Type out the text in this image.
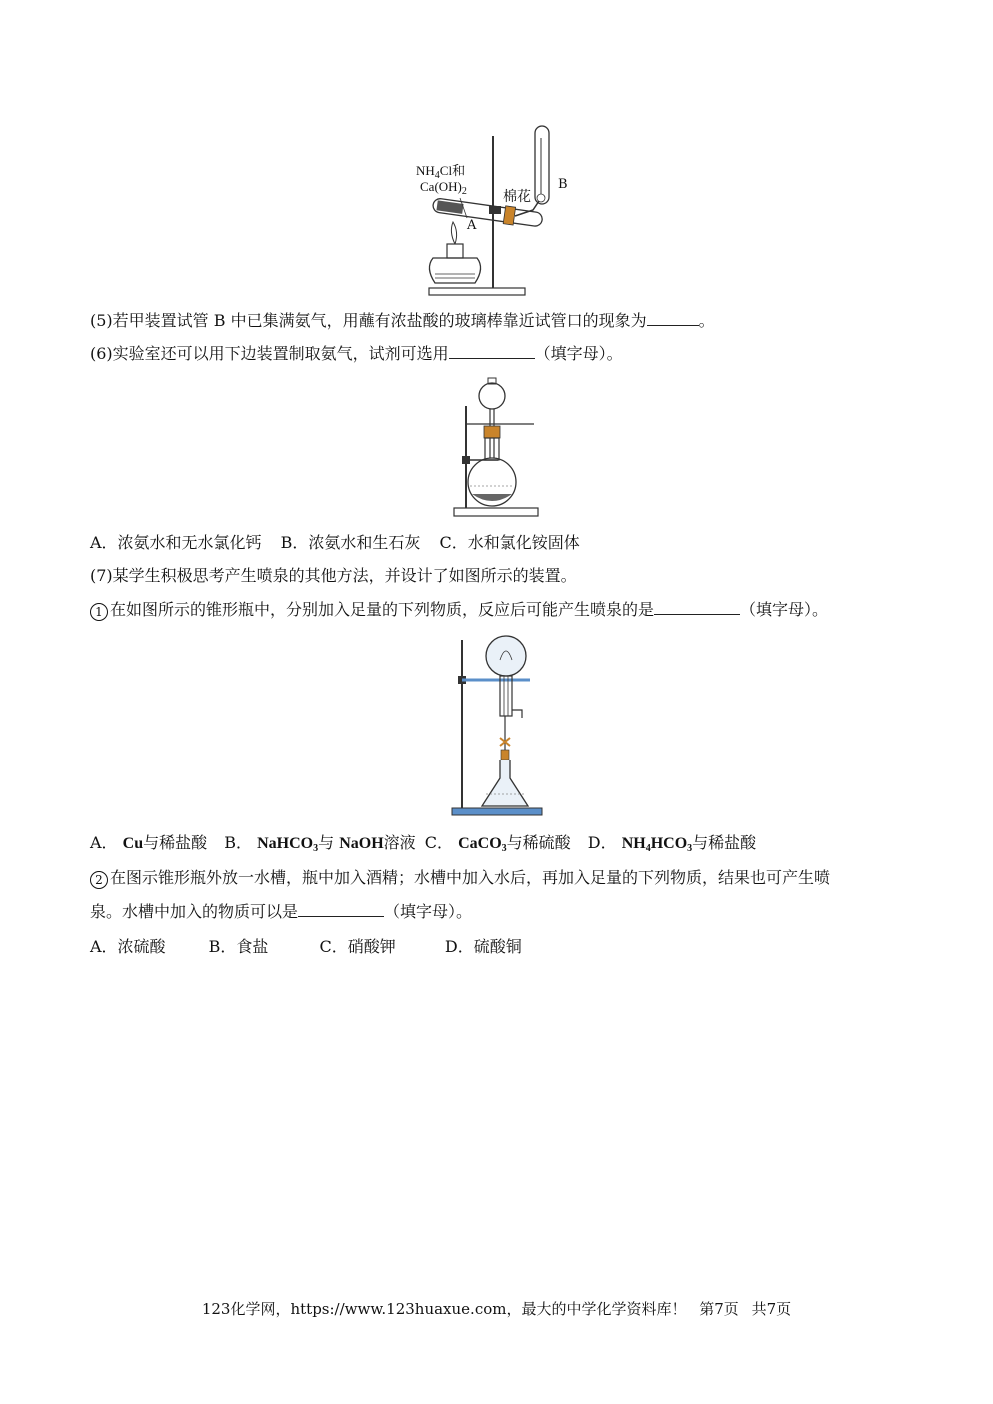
$NH_4Cl$和
$Ca(OH)_2$	棉花
A
B
(5)若甲装置试管 B 中已集满氨气，用蘸有浓盐酸的玻璃棒靠近试管口的现象为	。
(6)实验室还可以用下边装置制取氨气，试剂可选用	（填字母）。
A．浓氨水和无水氯化钙 B．浓氨水和生石灰 C．水和氯化铵固体
(7)某学生积极思考产生喷泉的其他方法，并设计了如图所示的装置。
1 在如图所示的锥形瓶中，分别加入足量的下列物质，反应后可能产生喷泉的是	（填字母）。
A． Cu与稀盐酸 B． NaHCO$_3$与 NaOH溶液 C． CaCO$_3$与稀硫酸 D． $NH_4HCO_3$与稀盐酸
2 在图示锥形瓶外放一水槽，瓶中加入酒精；水槽中加入水后，再加入足量的下列物质，结果也可产生喷
泉。水槽中加入的物质可以是	（填字母）。
A．浓硫酸	B．食盐	C．硝酸钾	D．硫酸铜
123化学网，https://www.123huaxue.com，最大的中学化学资料库！ 第7页 共7页
